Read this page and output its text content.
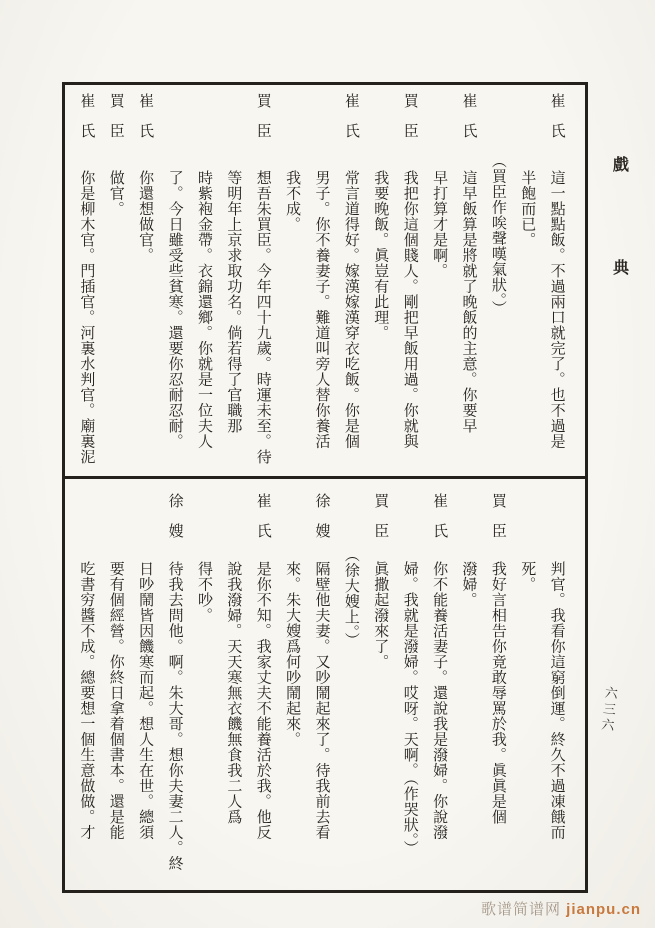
崔氏
這一點點飯。不過兩口就完了。也不過是
半飽而已。
（買臣作唉聲嘆氣狀。）
崔氏
這早飯算是將就了晚飯的主意。你要早
早打算才是啊。
買臣
我把你這個賤人。剛把早飯用過。你就與
我要晚飯。眞豈有此理。
崔氏
常言道得好。嫁漢嫁漢穿衣吃飯。你是個
男子。你不養妻子。難道叫旁人替你養活
我不成。
買臣
想吾朱買臣。今年四十九歲。時運未至。待
等明年上京求取功名。倘若得了官職那
時紫袍金帶。衣錦還鄉。你就是一位夫人
了。今日雖受些貧寒。還要你忍耐忍耐。
崔氏
你還想做官。
買臣
做官。
崔氏
你是柳木官。門插官。河裏水判官。廟裏泥
判官。我看你這窮倒運。終久不過凍餓而
死。
買臣
我好言相告你竟敢辱罵於我。眞眞是個
潑婦。
崔氏
你不能養活妻子。還說我是潑婦。你說潑
婦。我就是潑婦。哎呀。天啊。（作哭狀。）
買臣
眞撒起潑來了。
（徐大嫂上。）
徐嫂
隔壁他夫妻。又吵鬧起來了。待我前去看
來。朱大嫂爲何吵鬧起來。
崔氏
是你不知。我家丈夫不能養活於我。他反
說我潑婦。天天寒無衣饑無食我二人爲
得不吵。
徐嫂
待我去問他。啊。朱大哥。想你夫妻二人。終
日吵鬧皆因饑寒而起。想人生在世。總須
要有個經營。你終日拿着個書本。還是能
吃書穷醬不成。總要想一個生意做做。才
戲
典
六三六
歌谱简谱网 jianpu.cn
